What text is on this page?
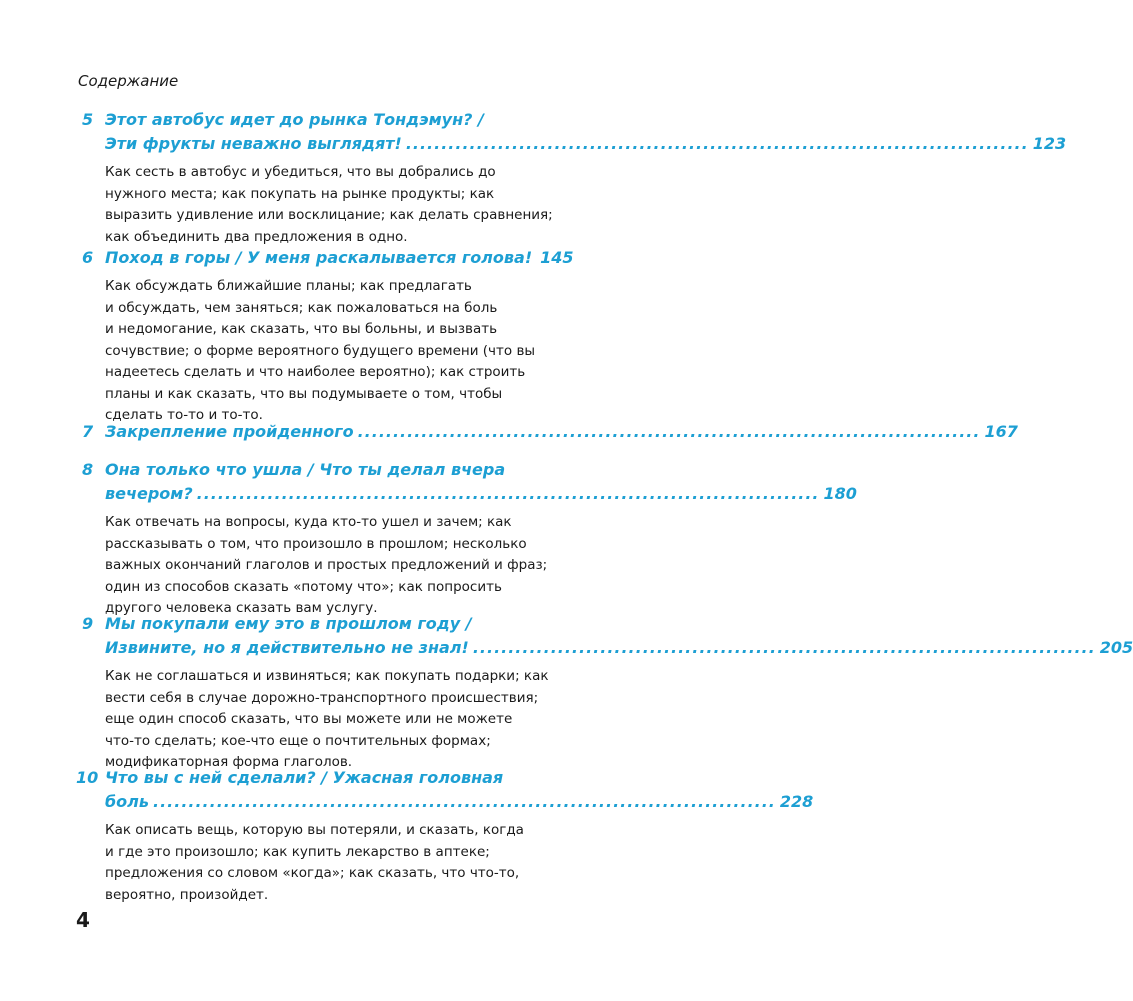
Содержание
5 Этот автобус идет до рынка Тондэмун? /
Эти фрукты неважно выглядят! ........................................................................................ 123
Как сесть в автобус и убедиться, что вы добрались до
нужного места; как покупать на рынке продукты; как
выразить удивление или восклицание; как делать сравнения;
как объединить два предложения в одно.
6 Поход в горы / У меня раскалывается голова! 145
Как обсуждать ближайшие планы; как предлагать
и обсуждать, чем заняться; как пожаловаться на боль
и недомогание, как сказать, что вы больны, и вызвать
сочувствие; о форме вероятного будущего времени (что вы
надеетесь сделать и что наиболее вероятно); как строить
планы и как сказать, что вы подумываете о том, чтобы
сделать то-то и то-то.
7 Закрепление пройденного ........................................................................................ 167
8 Она только что ушла / Что ты делал вчера
вечером? ........................................................................................ 180
Как отвечать на вопросы, куда кто-то ушел и зачем; как
рассказывать о том, что произошло в прошлом; несколько
важных окончаний глаголов и простых предложений и фраз;
один из способов сказать «потому что»; как попросить
другого человека сказать вам услугу.
9 Мы покупали ему это в прошлом году /
Извините, но я действительно не знал! ........................................................................................ 205
Как не соглашаться и извиняться; как покупать подарки; как
вести себя в случае дорожно-транспортного происшествия;
еще один способ сказать, что вы можете или не можете
что-то сделать; кое-что еще о почтительных формах;
модификаторная форма глаголов.
10 Что вы с ней сделали? / Ужасная головная
боль ........................................................................................ 228
Как описать вещь, которую вы потеряли, и сказать, когда
и где это произошло; как купить лекарство в аптеке;
предложения со словом «когда»; как сказать, что что-то,
вероятно, произойдет.
4
